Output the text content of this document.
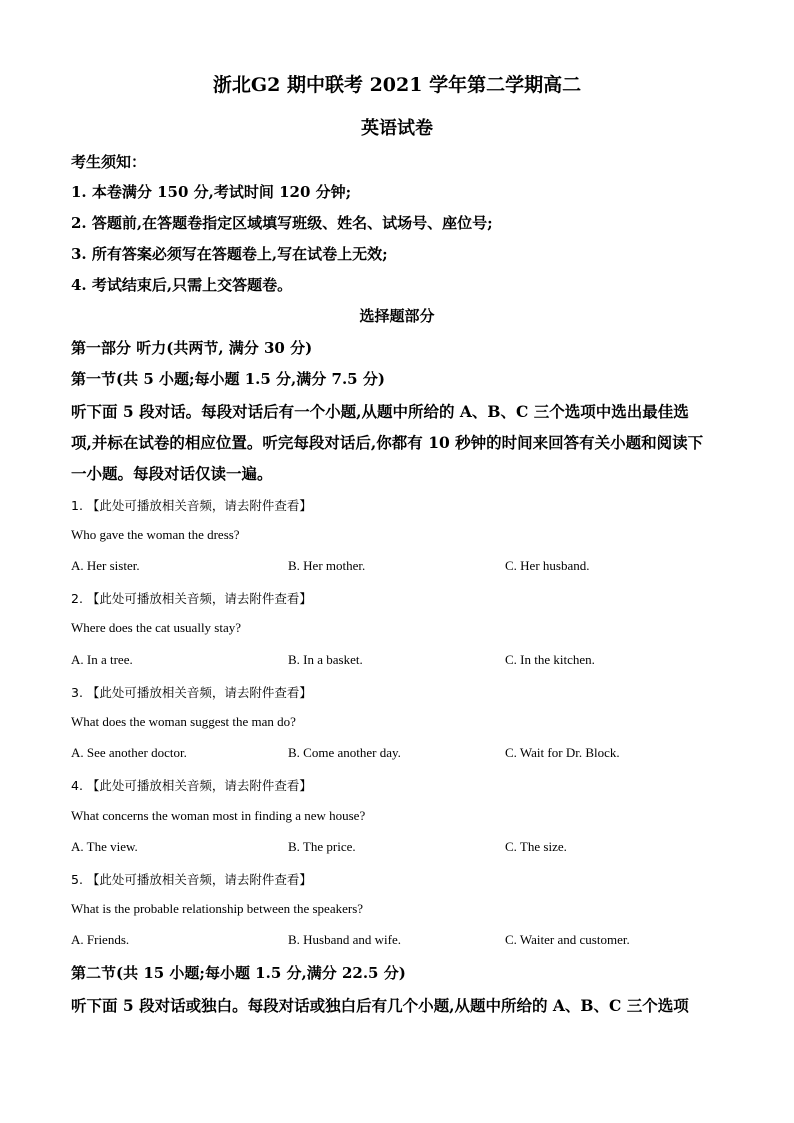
浙北G2 期中联考 2021 学年第二学期高二
英语试卷
考生须知：
1. 本卷满分 150 分,考试时间 120 分钟;
2. 答题前,在答题卷指定区域填写班级、姓名、试场号、座位号;
3. 所有答案必须写在答题卷上,写在试卷上无效;
4. 考试结束后,只需上交答题卷。
选择题部分
第一部分 听力(共两节, 满分 30 分)
第一节(共 5 小题;每小题 1.5 分,满分 7.5 分)
听下面 5 段对话。每段对话后有一个小题,从题中所给的 A、B、C 三个选项中选出最佳选
项,并标在试卷的相应位置。听完每段对话后,你都有 10 秒钟的时间来回答有关小题和阅读下
一小题。每段对话仅读一遍。
1. 【此处可播放相关音频，请去附件查看】
Who gave the woman the dress?
A. Her sister.	B. Her mother.	C. Her husband.
2. 【此处可播放相关音频，请去附件查看】
Where does the cat usually stay?
A. In a tree.	B. In a basket.	C. In the kitchen.
3. 【此处可播放相关音频，请去附件查看】
What does the woman suggest the man do?
A. See another doctor.	B. Come another day.	C. Wait for Dr. Block.
4. 【此处可播放相关音频，请去附件查看】
What concerns the woman most in finding a new house?
A. The view.	B. The price.	C. The size.
5. 【此处可播放相关音频，请去附件查看】
What is the probable relationship between the speakers?
A. Friends.	B. Husband and wife.	C. Waiter and customer.
第二节(共 15 小题;每小题 1.5 分,满分 22.5 分)
听下面 5 段对话或独白。每段对话或独白后有几个小题,从题中所给的 A、B、C 三个选项
